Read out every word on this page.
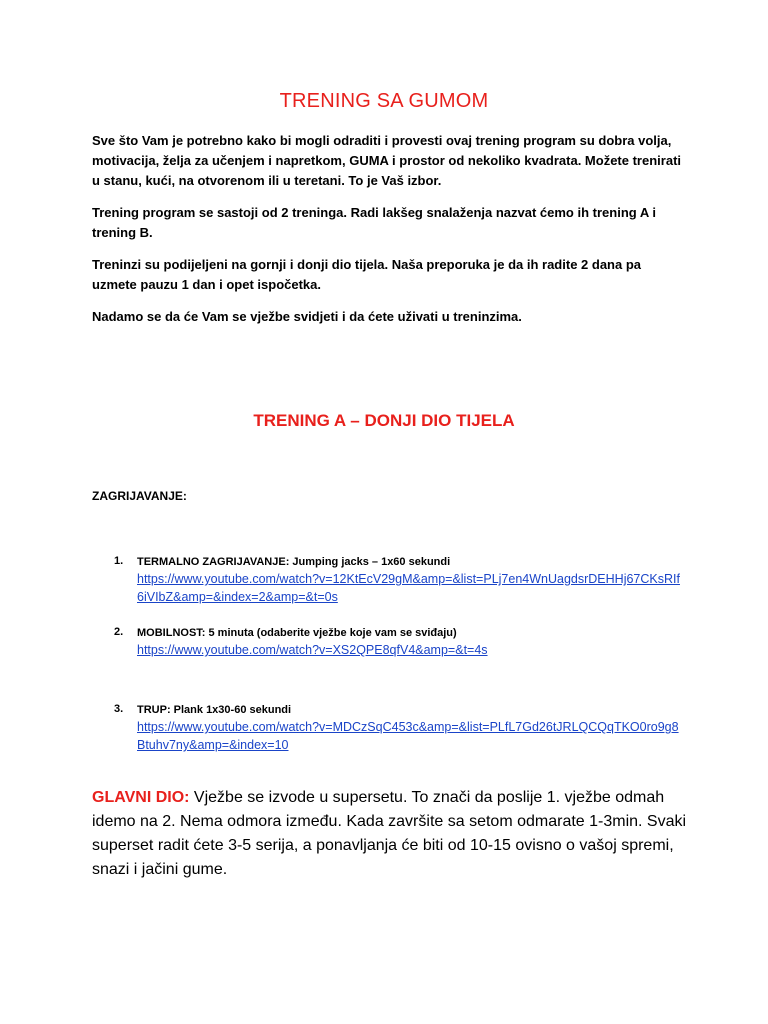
TRENING SA GUMOM

Sve što Vam je potrebno kako bi mogli odraditi i provesti ovaj trening program su dobra volja, motivacija, želja za učenjem i napretkom, GUMA i prostor od nekoliko kvadrata. Možete trenirati u stanu, kući, na otvorenom ili u teretani. To je Vaš izbor.

Trening program se sastoji od 2 treninga. Radi lakšeg snalaženja nazvat ćemo ih trening A i trening B.

Treninzi su podijeljeni na gornji i donji dio tijela. Naša preporuka je da ih radite 2 dana pa uzmete pauzu 1 dan i opet ispočetka.

Nadamo se da će Vam se vježbe svidjeti i da ćete uživati u treninzima.

TRENING A – DONJI DIO TIJELA
ZAGRIJAVANJE:
1. TERMALNO ZAGRIJAVANJE: Jumping jacks – 1x60 sekundi
https://www.youtube.com/watch?v=12KtEcV29gM&amp=&list=PLj7en4WnUagdsrDEHHj67CKsRIf6iVIbZ&amp=&index=2&amp=&t=0s
2. MOBILNOST: 5 minuta (odaberite vježbe koje vam se sviđaju)
https://www.youtube.com/watch?v=XS2QPE8qfV4&amp=&t=4s
3. TRUP: Plank 1x30-60 sekundi
https://www.youtube.com/watch?v=MDCzSqC453c&amp=&list=PLfL7Gd26tJRLQCQqTKO0ro9g8Btuhv7ny&amp=&index=10
GLAVNI DIO: Vježbe se izvode u supersetu. To znači da poslije 1. vježbe odmah idemo na 2. Nema odmora između. Kada završite sa setom odmarate 1-3min. Svaki superset radit ćete 3-5 serija, a ponavljanja će biti od 10-15 ovisno o vašoj spremi, snazi i jačini gume.
